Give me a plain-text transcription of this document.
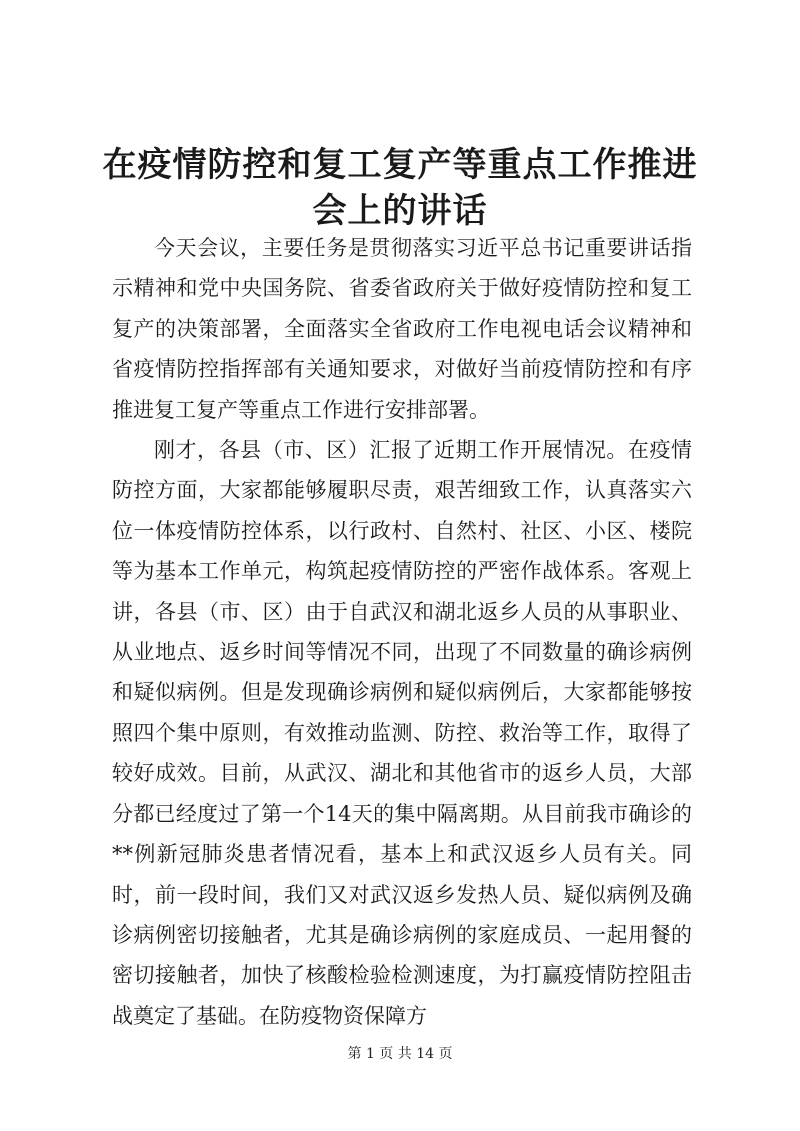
在疫情防控和复工复产等重点工作推进会上的讲话

今天会议，主要任务是贯彻落实习近平总书记重要讲话指示精神和党中央国务院、省委省政府关于做好疫情防控和复工复产的决策部署，全面落实全省政府工作电视电话会议精神和省疫情防控指挥部有关通知要求，对做好当前疫情防控和有序推进复工复产等重点工作进行安排部署。

刚才，各县（市、区）汇报了近期工作开展情况。在疫情防控方面，大家都能够履职尽责，艰苦细致工作，认真落实六位一体疫情防控体系，以行政村、自然村、社区、小区、楼院等为基本工作单元，构筑起疫情防控的严密作战体系。客观上讲，各县（市、区）由于自武汉和湖北返乡人员的从事职业、从业地点、返乡时间等情况不同，出现了不同数量的确诊病例和疑似病例。但是发现确诊病例和疑似病例后，大家都能够按照四个集中原则，有效推动监测、防控、救治等工作，取得了较好成效。目前，从武汉、湖北和其他省市的返乡人员，大部分都已经度过了第一个14天的集中隔离期。从目前我市确诊的**例新冠肺炎患者情况看，基本上和武汉返乡人员有关。同时，前一段时间，我们又对武汉返乡发热人员、疑似病例及确诊病例密切接触者，尤其是确诊病例的家庭成员、一起用餐的密切接触者，加快了核酸检验检测速度，为打赢疫情防控阻击战奠定了基础。在防疫物资保障方

第 1 页 共 14 页
